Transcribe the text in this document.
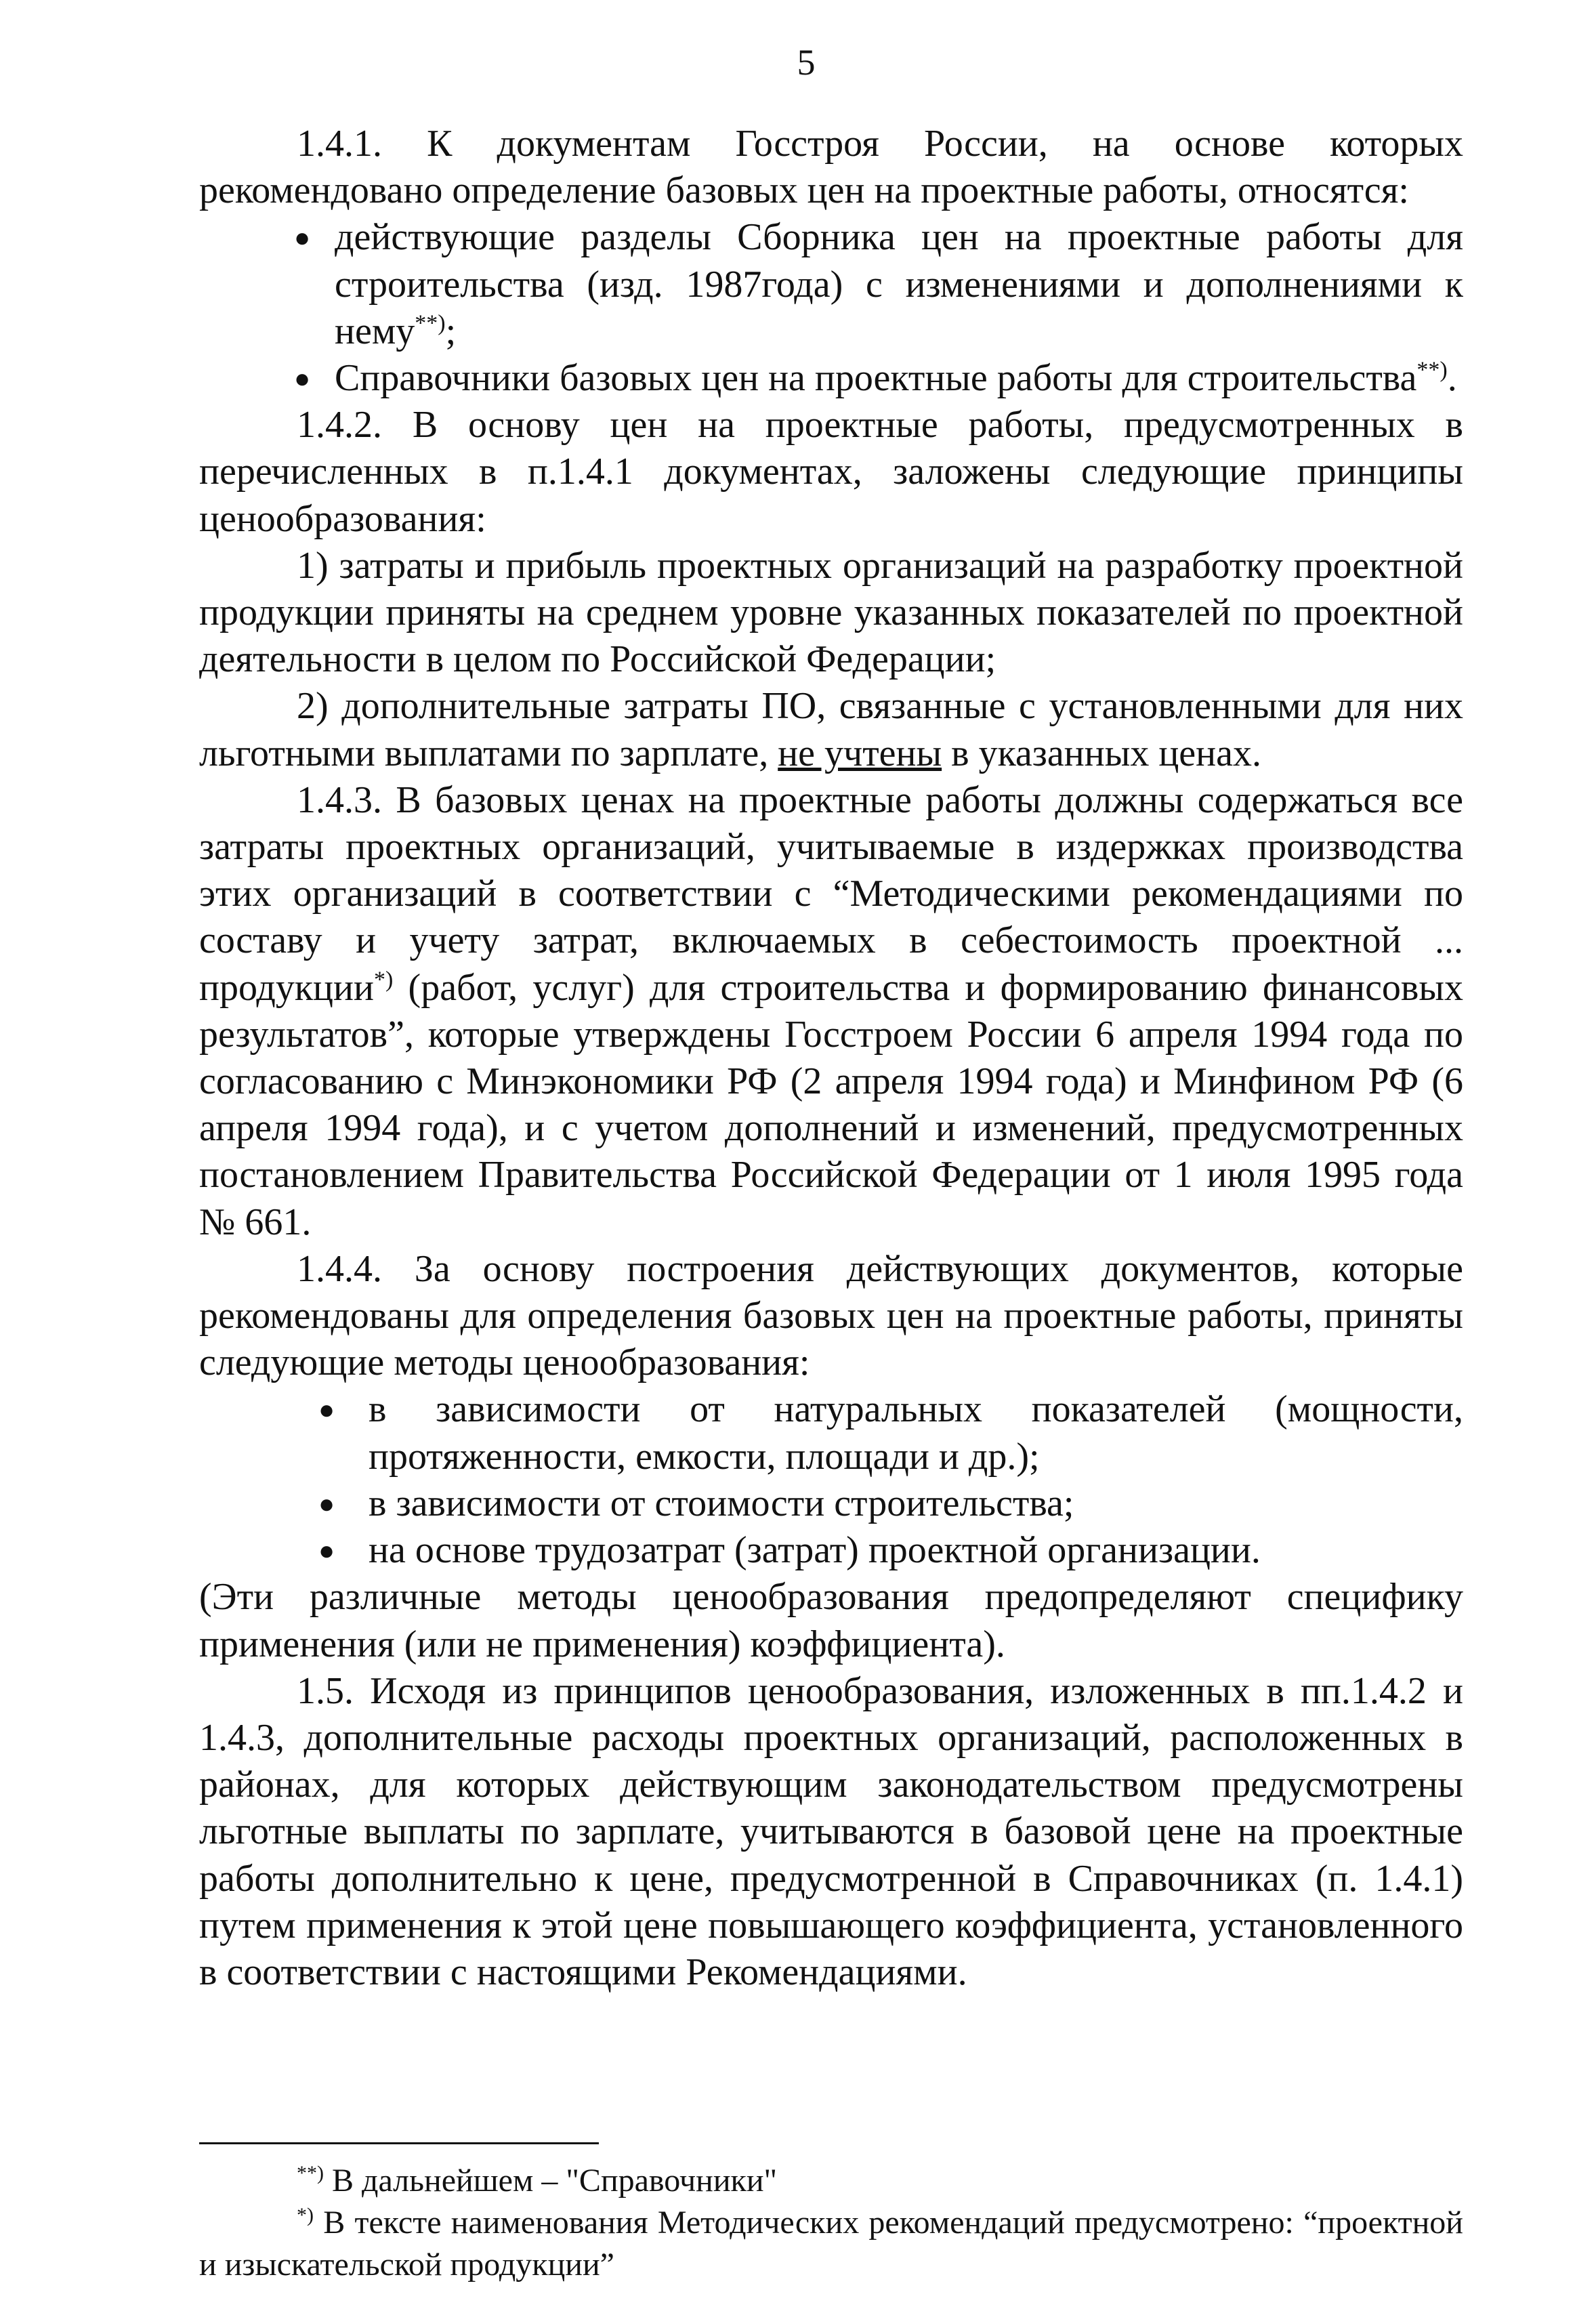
5

1.4.1. К документам Госстроя России, на основе которых рекомендовано определение базовых цен на проектные работы, относятся:

● действующие разделы Сборника цен на проектные работы для строительства (изд. 1987года) с изменениями и дополнениями к нему**);
● Справочники базовых цен на проектные работы для строительства**).

1.4.2. В основу цен на проектные работы, предусмотренных в перечисленных в п.1.4.1 документах, заложены следующие принципы ценообразования:

1) затраты и прибыль проектных организаций на разработку проектной продукции приняты на среднем уровне указанных показателей по проектной деятельности в целом по Российской Федерации;

2) дополнительные затраты ПО, связанные с установленными для них льготными выплатами по зарплате, не учтены в указанных ценах.

1.4.3. В базовых ценах на проектные работы должны содержаться все затраты проектных организаций, учитываемые в издержках производства этих организаций в соответствии с “Методическими рекомендациями по составу и учету затрат, включаемых в себестоимость проектной ... продукции*) (работ, услуг) для строительства и формированию финансовых результатов”, которые утверждены Госстроем России 6 апреля 1994 года по согласованию с Минэкономики РФ (2 апреля 1994 года) и Минфином РФ (6 апреля 1994 года), и с учетом дополнений и изменений, предусмотренных постановлением Правительства Российской Федерации от 1 июля 1995 года № 661.

1.4.4. За основу построения действующих документов, которые рекомендованы для определения базовых цен на проектные работы, приняты следующие методы ценообразования:

● в зависимости от натуральных показателей (мощности, протяженности, емкости, площади и др.);
● в зависимости от стоимости строительства;
● на основе трудозатрат (затрат) проектной организации.

(Эти различные методы ценообразования предопределяют специфику применения (или не применения) коэффициента).

1.5. Исходя из принципов ценообразования, изложенных в пп.1.4.2 и 1.4.3, дополнительные расходы проектных организаций, расположенных в районах, для которых действующим законодательством предусмотрены льготные выплаты по зарплате, учитываются в базовой цене на проектные работы дополнительно к цене, предусмотренной в Справочниках (п. 1.4.1) путем применения к этой цене повышающего коэффициента, установленного в соответствии с настоящими Рекомендациями.

**) В дальнейшем – "Справочники"

*) В тексте наименования Методических рекомендаций предусмотрено: “проектной и изыскательской продукции”
